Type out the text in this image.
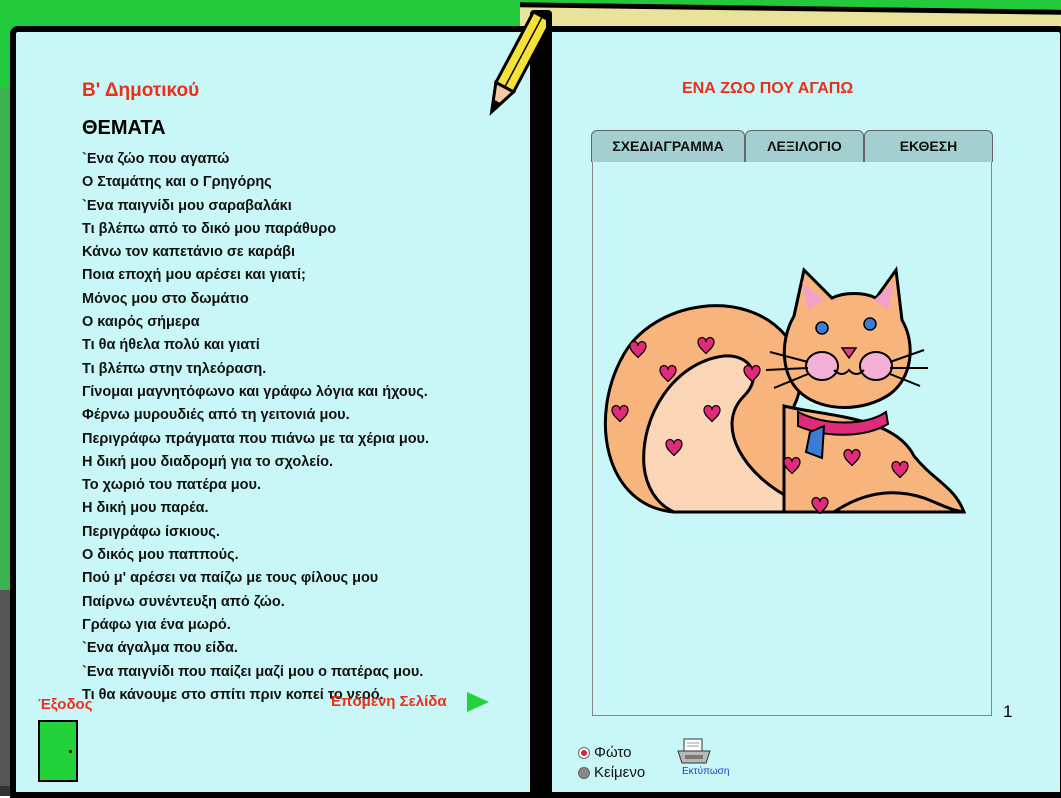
Β' Δημοτικού
ΘΕΜΑΤΑ
`Ενα ζώο που αγαπώ
Ο Σταμάτης και ο Γρηγόρης
`Ενα παιγνίδι μου σαραβαλάκι
Τι βλέπω από το δικό μου παράθυρο
Κάνω τον καπετάνιο σε καράβι
Ποια εποχή μου αρέσει και γιατί;
Μόνος μου στο δωμάτιο
Ο καιρός σήμερα
Τι θα ήθελα πολύ και γιατί
Τι βλέπω στην τηλεόραση.
Γίνομαι μαγνητόφωνο και γράφω λόγια και ήχους.
Φέρνω μυρουδιές από τη γειτονιά μου.
Περιγράφω πράγματα που πιάνω με τα χέρια μου.
Η δική μου διαδρομή για το σχολείο.
Το χωριό του πατέρα μου.
Η δική μου παρέα.
Περιγράφω ίσκιους.
Ο δικός μου παππούς.
Πού μ' αρέσει να παίζω με τους φίλους μου
Παίρνω συνέντευξη από ζώο.
Γράφω για ένα μωρό.
`Ενα άγαλμα που είδα.
`Ενα παιγνίδι που παίζει μαζί μου ο πατέρας μου.
Τι θα κάνουμε στο σπίτι πριν κοπεί το νερό.
Έξοδος	Επόμενη Σελίδα
ΕΝΑ ΖΩΟ ΠΟΥ ΑΓΑΠΩ
ΣΧΕΔΙΑΓΡΑΜΜΑ	ΛΕΞΙΛΟΓΙΟ	ΕΚΘΕΣΗ
1
Φώτο
Κείμενο	Εκτύπωση
